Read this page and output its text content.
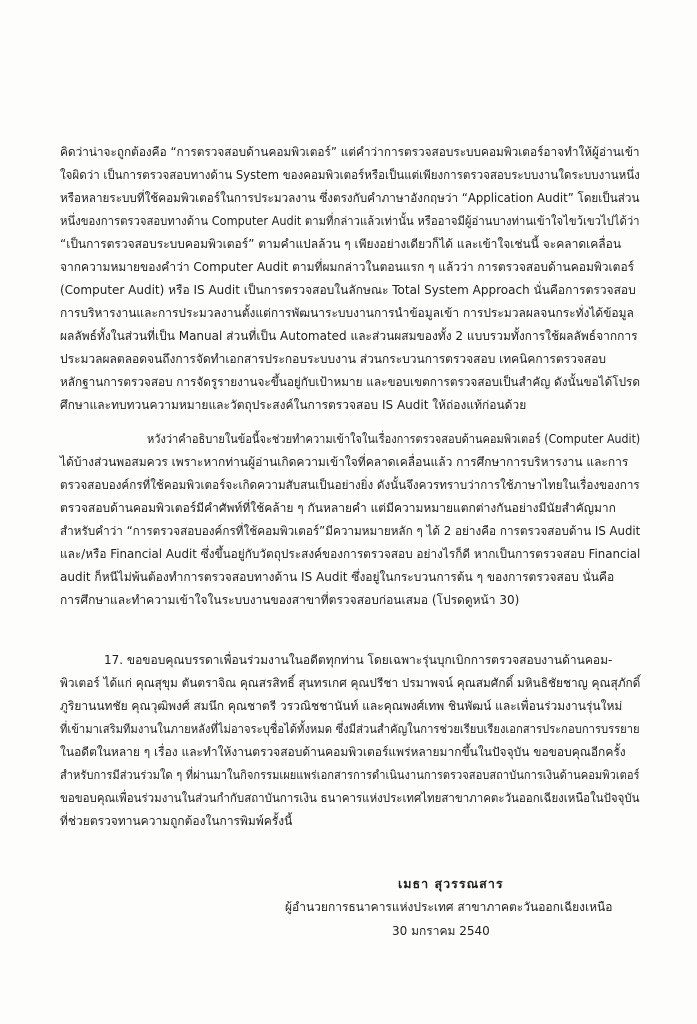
คิดว่าน่าจะถูกต้องคือ “การตรวจสอบด้านคอมพิวเตอร์” แต่คำว่าการตรวจสอบระบบคอมพิวเตอร์อาจทำให้ผู้อ่านเข้า
ใจผิดว่า เป็นการตรวจสอบทางด้าน System ของคอมพิวเตอร์หรือเป็นแต่เพียงการตรวจสอบระบบงานใดระบบงานหนึ่ง
หรือหลายระบบที่ใช้คอมพิวเตอร์ในการประมวลงาน ซึ่งตรงกับคำภาษาอังกฤษว่า “Application Audit” โดยเป็นส่วน
หนึ่งของการตรวจสอบทางด้าน Computer Audit ตามที่กล่าวแล้วเท่านั้น หรืออาจมีผู้อ่านบางท่านเข้าใจไขว้เขวไปได้ว่า
“เป็นการตรวจสอบระบบคอมพิวเตอร์” ตามคำแปลล้วน ๆ เพียงอย่างเดียวก็ได้ และเข้าใจเช่นนี้ จะคลาดเคลื่อน
จากความหมายของคำว่า Computer Audit ตามที่ผมกล่าวในตอนแรก ๆ แล้วว่า การตรวจสอบด้านคอมพิวเตอร์
(Computer Audit) หรือ IS Audit เป็นการตรวจสอบในลักษณะ Total System Approach นั่นคือการตรวจสอบ
การบริหารงานและการประมวลงานตั้งแต่การพัฒนาระบบงานการนำข้อมูลเข้า การประมวลผลจนกระทั่งได้ข้อมูล
ผลลัพธ์ทั้งในส่วนที่เป็น Manual ส่วนที่เป็น Automated และส่วนผสมของทั้ง 2 แบบรวมทั้งการใช้ผลลัพธ์จากการ
ประมวลผลตลอดจนถึงการจัดทำเอกสารประกอบระบบงาน ส่วนกระบวนการตรวจสอบ เทคนิคการตรวจสอบ
หลักฐานการตรวจสอบ การจัดรูรายงานจะขึ้นอยู่กับเป้าหมาย และขอบเขตการตรวจสอบเป็นสำคัญ ดังนั้นขอได้โปรด
ศึกษาและทบทวนความหมายและวัตถุประสงค์ในการตรวจสอบ IS Audit ให้ถ่องแท้ก่อนด้วย
หวังว่าคำอธิบายในข้อนี้จะช่วยทำความเข้าใจในเรื่องการตรวจสอบด้านคอมพิวเตอร์ (Computer Audit)
ได้บ้างส่วนพอสมควร เพราะหากท่านผู้อ่านเกิดความเข้าใจที่คลาดเคลื่อนแล้ว การศึกษาการบริหารงาน และการ
ตรวจสอบองค์กรที่ใช้คอมพิวเตอร์จะเกิดความสับสนเป็นอย่างยิ่ง ดังนั้นจึงควรทราบว่าการใช้ภาษาไทยในเรื่องของการ
ตรวจสอบด้านคอมพิวเตอร์มีคำศัพท์ที่ใช้คล้าย ๆ กันหลายคำ แต่มีความหมายแตกต่างกันอย่างมีนัยสำคัญมาก
สำหรับคำว่า “การตรวจสอบองค์กรที่ใช้คอมพิวเตอร์”มีความหมายหลัก ๆ ได้ 2 อย่างคือ การตรวจสอบด้าน IS Audit
และ/หรือ Financial Audit ซึ่งขึ้นอยู่กับวัตถุประสงค์ของการตรวจสอบ อย่างไรก็ดี หากเป็นการตรวจสอบ Financial
audit ก็หนีไม่พ้นต้องทำการตรวจสอบทางด้าน IS Audit ซึ่งอยู่ในกระบวนการต้น ๆ ของการตรวจสอบ นั่นคือ
การศึกษาและทำความเข้าใจในระบบงานของสาขาที่ตรวจสอบก่อนเสมอ (โปรดดูหน้า 30)
17. ขอขอบคุณบรรดาเพื่อนร่วมงานในอดีตทุกท่าน โดยเฉพาะรุ่นบุกเบิกการตรวจสอบงานด้านคอม-
พิวเตอร์ ได้แก่ คุณสุขุม ตันตราจิณ คุณสรสิทธิ์ สุนทรเกศ คุณปรีชา ปรมาพจน์ คุณสมศักดิ์ มหินธิชัยชาญ คุณสุภักดิ์
ภูริยานนทชัย คุณวุฒิพงศ์ สมนึก คุณชาตรี วรวณิชชานันท์ และคุณพงศ์เทพ ชินพัฒน์ และเพื่อนร่วมงานรุ่นใหม่
ที่เข้ามาเสริมทีมงานในภายหลังที่ไม่อาจระบุชื่อได้ทั้งหมด ซึ่งมีส่วนสำคัญในการช่วยเรียบเรียงเอกสารประกอบการบรรยาย
ในอดีตในหลาย ๆ เรื่อง และทำให้งานตรวจสอบด้านคอมพิวเตอร์แพร่หลายมากขึ้นในปัจจุบัน ขอขอบคุณอีกครั้ง
สำหรับการมีส่วนร่วมใด ๆ ที่ผ่านมาในกิจกรรมเผยแพร่เอกสารการดำเนินงานการตรวจสอบสถาบันการเงินด้านคอมพิวเตอร์
ขอขอบคุณเพื่อนร่วมงานในส่วนกำกับสถาบันการเงิน ธนาคารแห่งประเทศไทยสาขาภาคตะวันออกเฉียงเหนือในปัจจุบัน
ที่ช่วยตรวจทานความถูกต้องในการพิมพ์ครั้งนี้
เมธา สุวรรณสาร
ผู้อำนวยการธนาคารแห่งประเทศ สาขาภาคตะวันออกเฉียงเหนือ
30 มกราคม 2540
